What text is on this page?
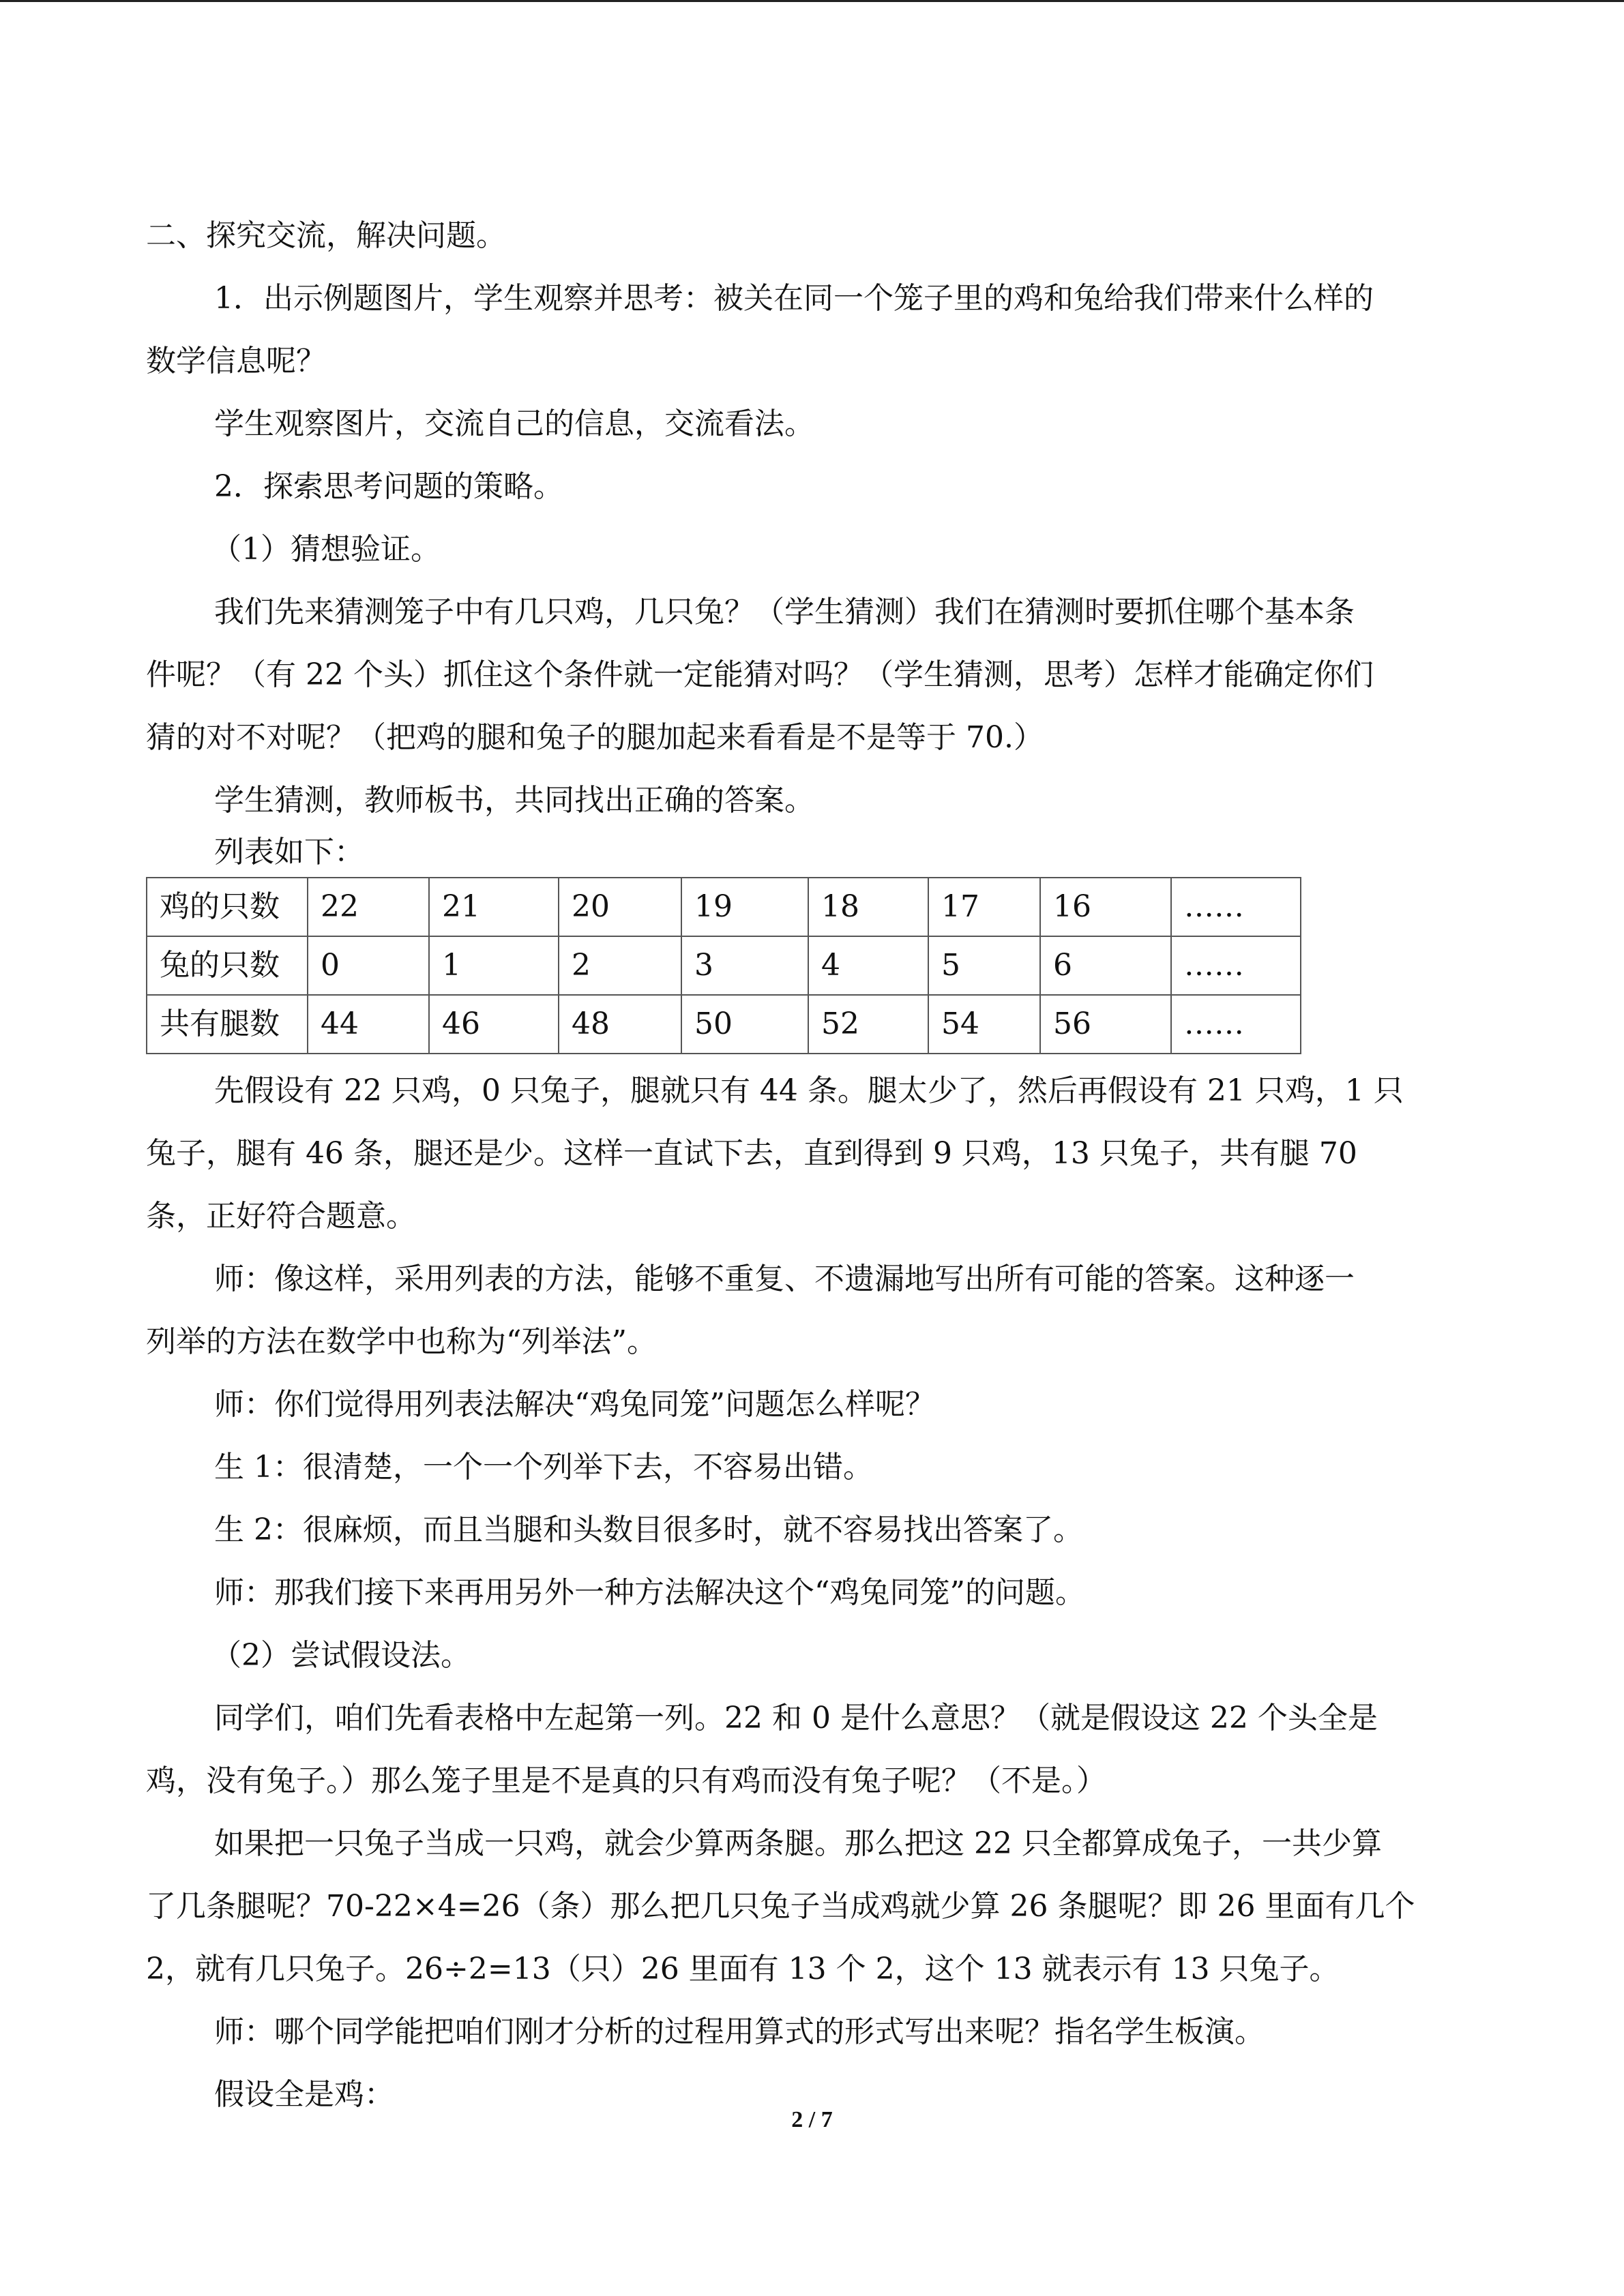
二、探究交流，解决问题。
1．出示例题图片，学生观察并思考：被关在同一个笼子里的鸡和兔给我们带来什么样的
数学信息呢？
学生观察图片，交流自己的信息，交流看法。
2．探索思考问题的策略。
（1）猜想验证。
我们先来猜测笼子中有几只鸡，几只兔？（学生猜测）我们在猜测时要抓住哪个基本条
件呢？（有 22 个头）抓住这个条件就一定能猜对吗？（学生猜测，思考）怎样才能确定你们
猜的对不对呢？（把鸡的腿和兔子的腿加起来看看是不是等于 70.）
学生猜测，教师板书，共同找出正确的答案。
列表如下：
鸡的只数	22	21	20	19	18	17	16	……
兔的只数	0	1	2	3	4	5	6	……
共有腿数	44	46	48	50	52	54	56	……
先假设有 22 只鸡，0 只兔子，腿就只有 44 条。腿太少了，然后再假设有 21 只鸡，1 只
兔子，腿有 46 条，腿还是少。这样一直试下去，直到得到 9 只鸡，13 只兔子，共有腿 70
条，正好符合题意。
师：像这样，采用列表的方法，能够不重复、不遗漏地写出所有可能的答案。这种逐一
列举的方法在数学中也称为“列举法”。
师：你们觉得用列表法解决“鸡兔同笼”问题怎么样呢？
生 1：很清楚，一个一个列举下去，不容易出错。
生 2：很麻烦，而且当腿和头数目很多时，就不容易找出答案了。
师：那我们接下来再用另外一种方法解决这个“鸡兔同笼”的问题。
（2）尝试假设法。
同学们，咱们先看表格中左起第一列。22 和 0 是什么意思？（就是假设这 22 个头全是
鸡，没有兔子。）那么笼子里是不是真的只有鸡而没有兔子呢？（不是。）
如果把一只兔子当成一只鸡，就会少算两条腿。那么把这 22 只全都算成兔子，一共少算
了几条腿呢？70-22×4=26（条）那么把几只兔子当成鸡就少算 26 条腿呢？即 26 里面有几个
2，就有几只兔子。26÷2=13（只）26 里面有 13 个 2，这个 13 就表示有 13 只兔子。
师：哪个同学能把咱们刚才分析的过程用算式的形式写出来呢？指名学生板演。
假设全是鸡：
2 / 7
